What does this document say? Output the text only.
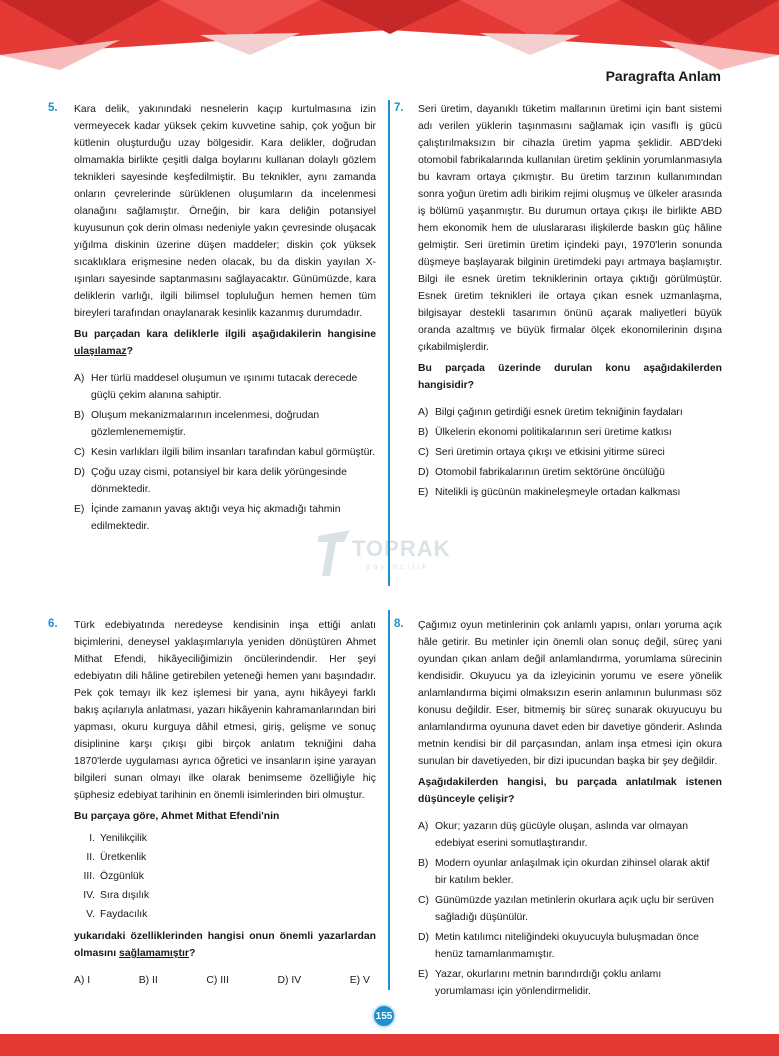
Paragrafta Anlam
5. Kara delik, yakınındaki nesnelerin kaçıp kurtulmasına izin vermeyecek kadar yüksek çekim kuvvetine sahip, çok yoğun bir kütlenin oluşturduğu uzay bölgesidir. Kara delikler, doğrudan olmamakla birlikte çeşitli dalga boylarını kullanan dolaylı gözlem teknikleri sayesinde keşfedilmiştir. Bu teknikler, aynı zamanda onların çevrelerinde sürüklenen oluşumların da incelenmesi olanağını sağlamıştır. Örneğin, bir kara deliğin potansiyel kuyusunun çok derin olması nedeniyle yakın çevresinde oluşacak yığılma diskinin üzerine düşen maddeler; diskin çok yüksek sıcaklıklara erişmesine neden olacak, bu da diskin yayılan X-ışınları sayesinde saptanmasını sağlayacaktır. Günümüzde, kara deliklerin varlığı, ilgili bilimsel topluluğun hemen hemen tüm bireyleri tarafından onaylanarak kesinlik kazanmış durumdadır.
Bu parçadan kara deliklerle ilgili aşağıdakilerin hangisine ulaşılamaz?
A) Her türlü maddesel oluşumun ve ışınımı tutacak derecede güçlü çekim alanına sahiptir.
B) Oluşum mekanizmalarının incelenmesi, doğrudan gözlemlenememiştir.
C) Kesin varlıkları ilgili bilim insanları tarafından kabul görmüştür.
D) Çoğu uzay cismi, potansiyel bir kara delik yörüngesinde dönmektedir.
E) İçinde zamanın yavaş aktığı veya hiç akmadığı tahmin edilmektedir.
7. Seri üretim, dayanıklı tüketim mallarının üretimi için bant sistemi adı verilen yüklerin taşınmasını sağlamak için vasıflı iş gücü çalıştırılmaksızın bir cihazla üretim yapma şeklidir. ABD'deki otomobil fabrikalarında kullanılan üretim şeklinin yorumlanmasıyla bu kavram ortaya çıkmıştır. Bu üretim tarzının kullanımından sonra yoğun üretim adlı birikim rejimi oluşmuş ve ülkeler arasında iş bölümü yaşanmıştır. Bu durumun ortaya çıkışı ile birlikte ABD hem ekonomik hem de uluslararası ilişkilerde baskın güç hâline gelmiştir. Seri üretimin üretim içindeki payı, 1970'lerin sonunda düşmeye başlayarak bilginin üretimdeki payı artmaya başlamıştır. Bilgi ile esnek üretim tekniklerinin ortaya çıktığı görülmüştür. Esnek üretim teknikleri ile ortaya çıkan esnek uzmanlaşma, bilgisayar destekli tasarımın önünü açarak maliyetleri büyük oranda azaltmış ve büyük firmalar ölçek ekonomilerinin dışına çıkabilmişlerdir.
Bu parçada üzerinde durulan konu aşağıdakilerden hangisidir?
A) Bilgi çağının getirdiği esnek üretim tekniğinin faydaları
B) Ülkelerin ekonomi politikalarının seri üretime katkısı
C) Seri üretimin ortaya çıkışı ve etkisini yitirme süreci
D) Otomobil fabrikalarının üretim sektörüne öncülüğü
E) Nitelikli iş gücünün makineleşmeyle ortadan kalkması
TOPRAK
yayıncılık
6. Türk edebiyatında neredeyse kendisinin inşa ettiği anlatı biçimlerini, deneysel yaklaşımlarıyla yeniden dönüştüren Ahmet Mithat Efendi, hikâyeciliğimizin öncülerindendir. Her şeyi edebiyatın dili hâline getirebilen yeteneği hemen yanı başındadır. Pek çok temayı ilk kez işlemesi bir yana, aynı hikâyeyi farklı bakış açılarıyla anlatması, yazarı hikâyenin kahramanlarından biri yapması, okuru kurguya dâhil etmesi, giriş, gelişme ve sonuç disiplinine karşı çıkışı gibi birçok anlatım tekniğini daha 1870'lerde uygulaması ayrıca öğretici ve insanların işine yarayan bilgileri sunan olmayı ilke olarak benimseme özelliğiyle hiç şüphesiz edebiyat tarihinin en önemli isimlerinden biri olmuştur.
Bu parçaya göre, Ahmet Mithat Efendi'nin
I. Yenilikçilik
II. Üretkenlik
III. Özgünlük
IV. Sıra dışılık
V. Faydacılık
yukarıdaki özelliklerinden hangisi onun önemli yazarlardan olmasını sağlamamıştır?
A) I	B) II	C) III	D) IV	E) V
8. Çağımız oyun metinlerinin çok anlamlı yapısı, onları yoruma açık hâle getirir. Bu metinler için önemli olan sonuç değil, süreç yani oyundan çıkan anlam değil anlamlandırma, yorumlama sürecinin kendisidir. Okuyucu ya da izleyicinin yorumu ve esere yönelik anlamlandırma biçimi olmaksızın eserin anlamının bulunması söz konusu değildir. Eser, bitmemiş bir süreç sunarak okuyucuyu bu anlamlandırma oyununa davet eden bir davetiye gönderir. Aslında metnin kendisi bir dil parçasından, anlam inşa etmesi için okura sunulan bir davetiyeden, bir dizi ipucundan başka bir şey değildir.
Aşağıdakilerden hangisi, bu parçada anlatılmak istenen düşünceyle çelişir?
A) Okur; yazarın düş gücüyle oluşan, aslında var olmayan edebiyat eserini somutlaştırandır.
B) Modern oyunlar anlaşılmak için okurdan zihinsel olarak aktif bir katılım bekler.
C) Günümüzde yazılan metinlerin okurlara açık uçlu bir serüven sağladığı düşünülür.
D) Metin katılımcı niteliğindeki okuyucuyla buluşmadan önce henüz tamamlanmamıştır.
E) Yazar, okurlarını metnin barındırdığı çoklu anlamı yorumlaması için yönlendirmelidir.
155
